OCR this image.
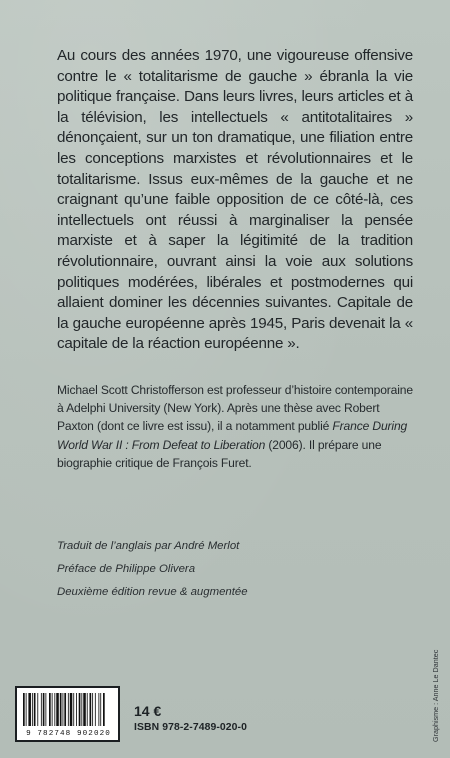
Au cours des années 1970, une vigoureuse offensive contre le « totalitarisme de gauche » ébranla la vie politique française. Dans leurs livres, leurs articles et à la télévision, les intellectuels « antitotalitaires » dénonçaient, sur un ton dramatique, une filiation entre les conceptions marxistes et révolutionnaires et le totalitarisme. Issus eux-mêmes de la gauche et ne craignant qu’une faible opposition de ce côté-là, ces intellectuels ont réussi à marginaliser la pensée marxiste et à saper la légitimité de la tradition révolutionnaire, ouvrant ainsi la voie aux solutions politiques modérées, libérales et postmodernes qui allaient dominer les décennies suivantes. Capitale de la gauche européenne après 1945, Paris devenait la « capitale de la réaction européenne ».

Michael Scott Christofferson est professeur d’histoire contemporaine à Adelphi University (New York). Après une thèse avec Robert Paxton (dont ce livre est issu), il a notamment publié France During World War II : From Defeat to Liberation (2006). Il prépare une biographie critique de François Furet.

Traduit de l’anglais par André Merlot
Préface de Philippe Olivera
Deuxième édition revue & augmentée
9 782748 902020
14 €
ISBN 978-2-7489-020-0	Graphisme : Anne Le Dantec
